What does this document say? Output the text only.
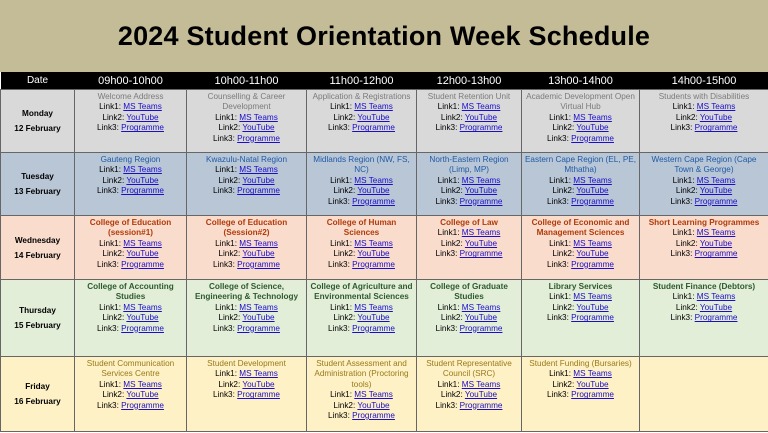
2024 Student Orientation Week Schedule
Date	09h00-10h00	10h00-11h00	11h00-12h00	12h00-13h00	13h00-14h00	14h00-15h00

Monday
12 February	Welcome Address
Link1: MS Teams
Link2: YouTube
Link3: Programme	Counselling & Career Development
Link1: MS Teams
Link2: YouTube
Link3: Programme	Application & Registrations
Link1: MS Teams
Link2: YouTube
Link3: Programme	Student Retention Unit
Link1: MS Teams
Link2: YouTube
Link3: Programme	Academic Development Open Virtual Hub
Link1: MS Teams
Link2: YouTube
Link3: Programme	Students with Disabilities
Link1: MS Teams
Link2: YouTube
Link3: Programme

Tuesday
13 February	Gauteng Region
Link1: MS Teams
Link2: YouTube
Link3: Programme	Kwazulu-Natal Region
Link1: MS Teams
Link2: YouTube
Link3: Programme	Midlands Region (NW, FS, NC)
Link1: MS Teams
Link2: YouTube
Link3: Programme	North-Eastern Region (Limp, MP)
Link1: MS Teams
Link2: YouTube
Link3: Programme	Eastern Cape Region (EL, PE, Mthatha)
Link1: MS Teams
Link2: YouTube
Link3: Programme	Western Cape Region (Cape Town & George)
Link1: MS Teams
Link2: YouTube
Link3: Programme

Wednesday
14 February	College of Education (session#1)
Link1: MS Teams
Link2: YouTube
Link3: Programme	College of Education (Session#2)
Link1: MS Teams
Link2: YouTube
Link3: Programme	College of Human Sciences
Link1: MS Teams
Link2: YouTube
Link3: Programme	College of Law
Link1: MS Teams
Link2: YouTube
Link3: Programme	College of Economic and Management Sciences
Link1: MS Teams
Link2: YouTube
Link3: Programme	Short Learning Programmes
Link1: MS Teams
Link2: YouTube
Link3: Programme

Thursday
15 February	College of Accounting Studies
Link1: MS Teams
Link2: YouTube
Link3: Programme	College of Science, Engineering & Technology
Link1: MS Teams
Link2: YouTube
Link3: Programme	College of Agriculture and Environmental Sciences
Link1: MS Teams
Link2: YouTube
Link3: Programme	College of Graduate Studies
Link1: MS Teams
Link2: YouTube
Link3: Programme	Library Services
Link1: MS Teams
Link2: YouTube
Link3: Programme	Student Finance (Debtors)
Link1: MS Teams
Link2: YouTube
Link3: Programme

Friday
16 February	Student Communication Services Centre
Link1: MS Teams
Link2: YouTube
Link3: Programme	Student Development
Link1: MS Teams
Link2: YouTube
Link3: Programme	Student Assessment and Administration (Proctoring tools)
Link1: MS Teams
Link2: YouTube
Link3: Programme	Student Representative Council (SRC)
Link1: MS Teams
Link2: YouTube
Link3: Programme	Student Funding (Bursaries)
Link1: MS Teams
Link2: YouTube
Link3: Programme	
